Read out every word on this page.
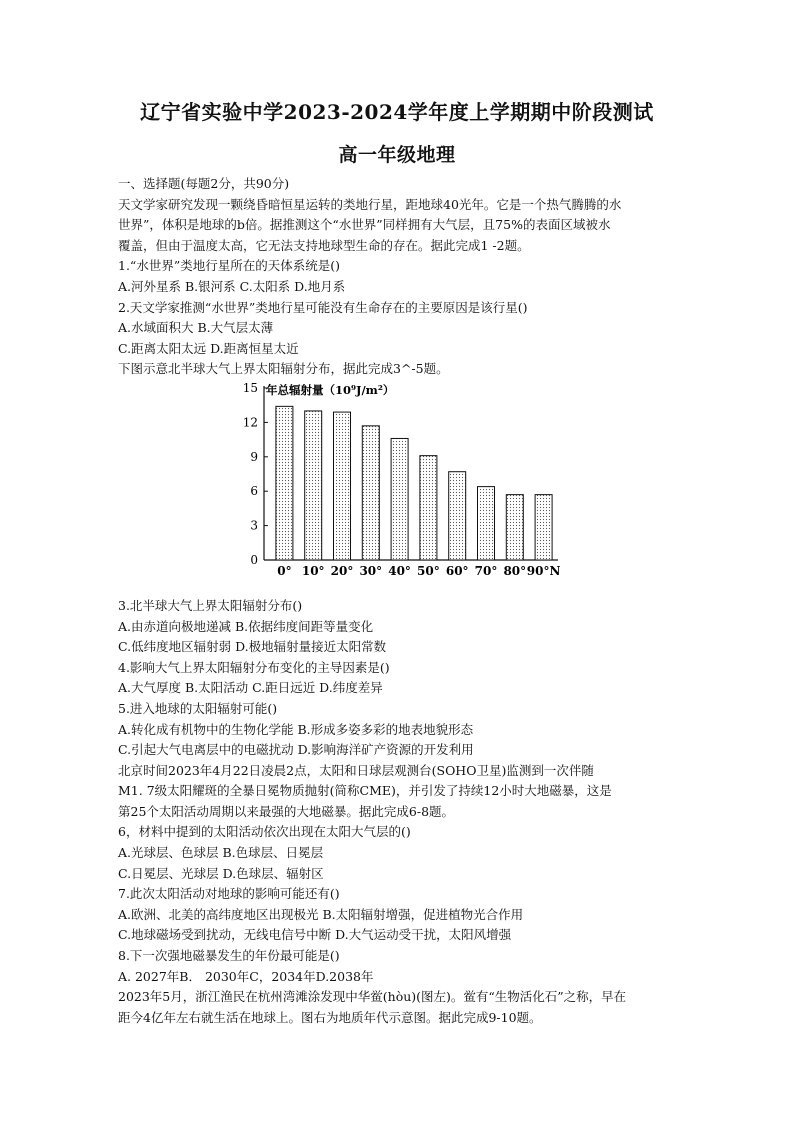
辽宁省实验中学2023-2024学年度上学期期中阶段测试
高一年级地理

一、选择题(每题2分，共90分)

天文学家研究发现一颗绕昏暗恒星运转的类地行星，距地球40光年。它是一个热气腾腾的水

世界”，体积是地球的b倍。据推测这个“水世界”同样拥有大气层，且75%的表面区域被水

覆盖，但由于温度太高，它无法支持地球型生命的存在。据此完成1 -2题。

1.“水世界”类地行星所在的天体系统是()

A.河外星系 B.银河系 C.太阳系 D.地月系

2.天文学家推测“水世界”类地行星可能没有生命存在的主要原因是该行星()

A.水域面积大 B.大气层太薄

C.距离太阳太远 D.距离恒星太近

下图示意北半球大气上界太阳辐射分布，据此完成3^-5题。

0° 10° 20° 30° 40° 50° 60° 70° 80° 90°N
0
3
6
9
12
15 年总辐射量（10⁹J/m²）

3.北半球大气上界太阳辐射分布()

A.由赤道向极地递减 B.依据纬度间距等量变化

C.低纬度地区辐射弱 D.极地辐射量接近太阳常数

4.影响大气上界太阳辐射分布变化的主导因素是()

A.大气厚度 B.太阳活动 C.距日远近 D.纬度差异

5.进入地球的太阳辐射可能()

A.转化成有机物中的生物化学能 B.形成多姿多彩的地表地貌形态

C.引起大气电离层中的电磁扰动 D.影响海洋矿产资源的开发利用

北京时间2023年4月22日凌晨2点，太阳和日球层观测台(SOHO卫星)监测到一次伴随

M1. 7级太阳耀斑的全暴日冕物质抛射(简称CME)，并引发了持续12小时大地磁暴，这是

第25个太阳活动周期以来最强的大地磁暴。据此完成6-8题。

6，材料中提到的太阳活动依次出现在太阳大气层的()

A.光球层、色球层 B.色球层、日冕层

C.日冕层、光球层 D.色球层、辐射区

7.此次太阳活动对地球的影响可能还有()

A.欧洲、北美的高纬度地区出现极光 B.太阳辐射增强，促进植物光合作用

C.地球磁场受到扰动，无线电信号中断 D.大气运动受干扰，太阳风增强

8.下一次强地磁暴发生的年份最可能是()

A. 2027年B． 2030年C，2034年D.2038年

2023年5月，浙江渔民在杭州湾滩涂发现中华鲎(hòu)(图左)。鲎有“生物活化石”之称，早在

距今4亿年左右就生活在地球上。图右为地质年代示意图。据此完成9-10题。
